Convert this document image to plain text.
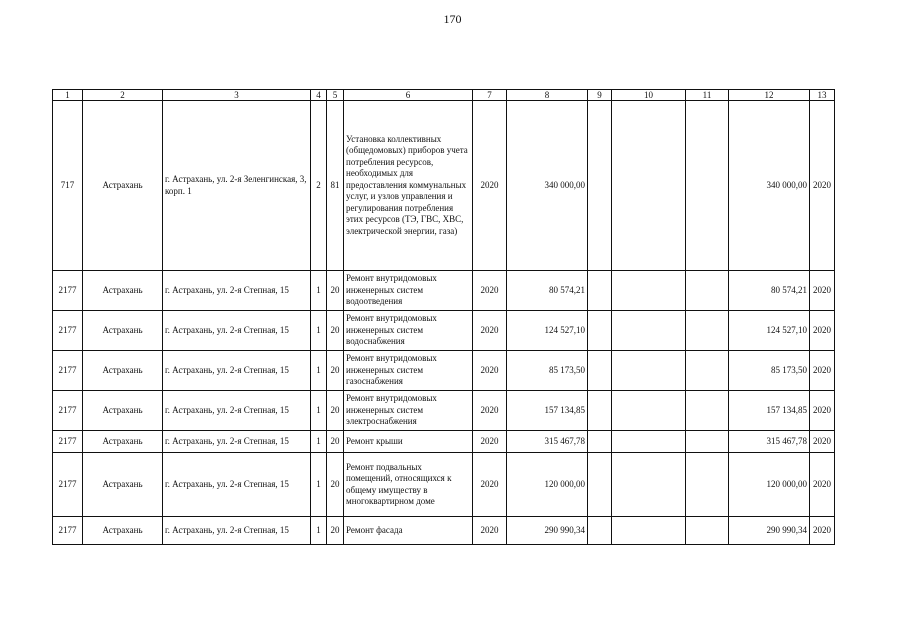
170
1	2	3	4	5	6	7	8	9	10	11	12	13
717	Астрахань	г. Астрахань, ул. 2-я Зеленгинская, 3, корп. 1	2	81	Установка коллективных (общедомовых) приборов учета потребления ресурсов, необходимых для предоставления коммунальных услуг, и узлов управления и регулирования потребления этих ресурсов (ТЭ, ГВС, ХВС, электрической энергии, газа)	2020	340 000,00				340 000,00	2020
2177	Астрахань	г. Астрахань, ул. 2-я Степная, 15	1	20	Ремонт внутридомовых инженерных систем водоотведения	2020	80 574,21				80 574,21	2020
2177	Астрахань	г. Астрахань, ул. 2-я Степная, 15	1	20	Ремонт внутридомовых инженерных систем водоснабжения	2020	124 527,10				124 527,10	2020
2177	Астрахань	г. Астрахань, ул. 2-я Степная, 15	1	20	Ремонт внутридомовых инженерных систем газоснабжения	2020	85 173,50				85 173,50	2020
2177	Астрахань	г. Астрахань, ул. 2-я Степная, 15	1	20	Ремонт внутридомовых инженерных систем электроснабжения	2020	157 134,85				157 134,85	2020
2177	Астрахань	г. Астрахань, ул. 2-я Степная, 15	1	20	Ремонт крыши	2020	315 467,78				315 467,78	2020
2177	Астрахань	г. Астрахань, ул. 2-я Степная, 15	1	20	Ремонт подвальных помещений, относящихся к общему имуществу в многоквартирном доме	2020	120 000,00				120 000,00	2020
2177	Астрахань	г. Астрахань, ул. 2-я Степная, 15	1	20	Ремонт фасада	2020	290 990,34				290 990,34	2020
